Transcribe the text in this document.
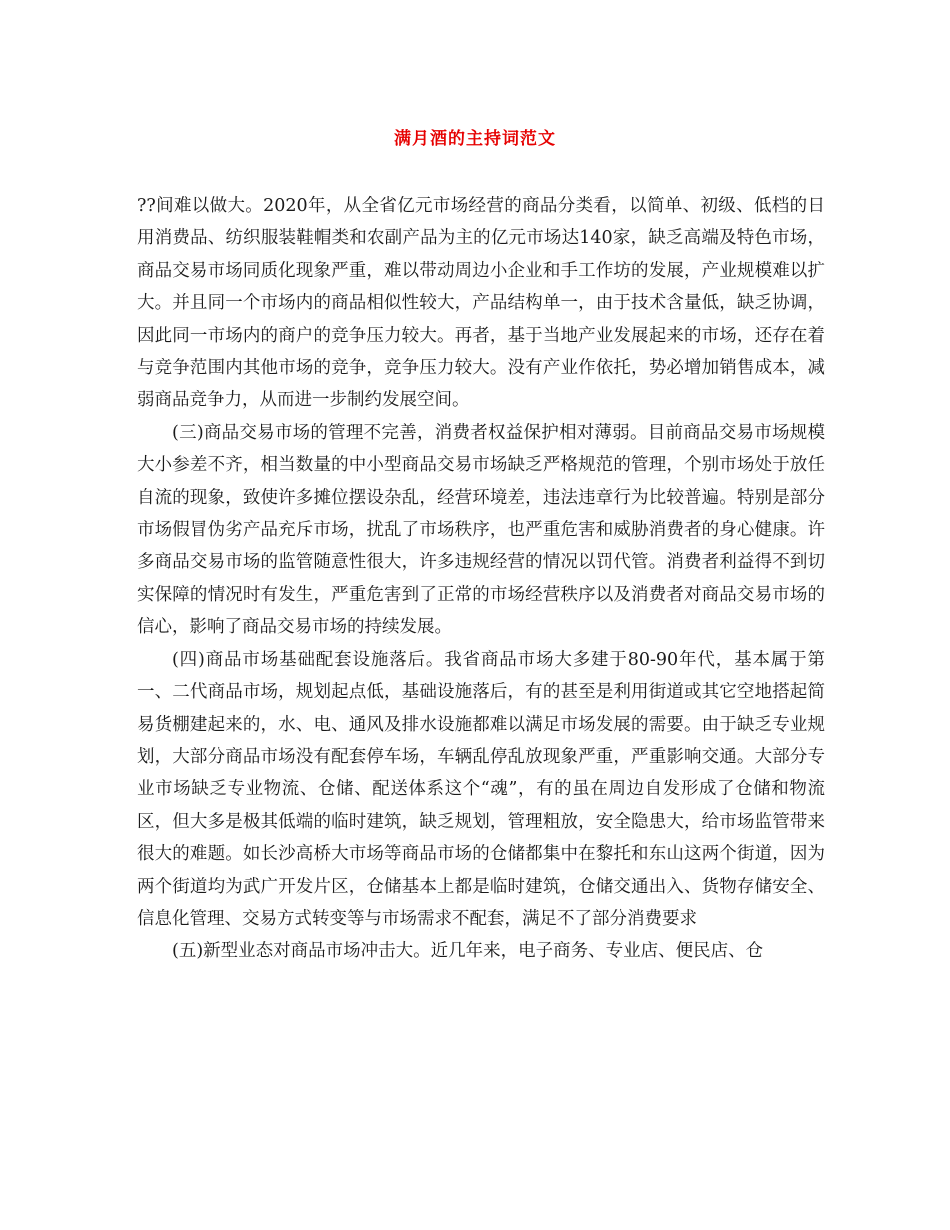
满月酒的主持词范文

??间难以做大。2020年，从全省亿元市场经营的商品分类看，以简单、初级、低档的日用消费品、纺织服装鞋帽类和农副产品为主的亿元市场达140家，缺乏高端及特色市场，商品交易市场同质化现象严重，难以带动周边小企业和手工作坊的发展，产业规模难以扩大。并且同一个市场内的商品相似性较大，产品结构单一，由于技术含量低，缺乏协调，因此同一市场内的商户的竞争压力较大。再者，基于当地产业发展起来的市场，还存在着与竞争范围内其他市场的竞争，竞争压力较大。没有产业作依托，势必增加销售成本，减弱商品竞争力，从而进一步制约发展空间。

(三)商品交易市场的管理不完善，消费者权益保护相对薄弱。目前商品交易市场规模大小参差不齐，相当数量的中小型商品交易市场缺乏严格规范的管理，个别市场处于放任自流的现象，致使许多摊位摆设杂乱，经营环境差，违法违章行为比较普遍。特别是部分市场假冒伪劣产品充斥市场，扰乱了市场秩序，也严重危害和威胁消费者的身心健康。许多商品交易市场的监管随意性很大，许多违规经营的情况以罚代管。消费者利益得不到切实保障的情况时有发生，严重危害到了正常的市场经营秩序以及消费者对商品交易市场的信心，影响了商品交易市场的持续发展。

(四)商品市场基础配套设施落后。我省商品市场大多建于80-90年代，基本属于第一、二代商品市场，规划起点低，基础设施落后，有的甚至是利用街道或其它空地搭起简易货棚建起来的，水、电、通风及排水设施都难以满足市场发展的需要。由于缺乏专业规划，大部分商品市场没有配套停车场，车辆乱停乱放现象严重，严重影响交通。大部分专业市场缺乏专业物流、仓储、配送体系这个“魂”，有的虽在周边自发形成了仓储和物流区，但大多是极其低端的临时建筑，缺乏规划，管理粗放，安全隐患大，给市场监管带来很大的难题。如长沙高桥大市场等商品市场的仓储都集中在黎托和东山这两个街道，因为两个街道均为武广开发片区，仓储基本上都是临时建筑，仓储交通出入、货物存储安全、信息化管理、交易方式转变等与市场需求不配套，满足不了部分消费要求

(五)新型业态对商品市场冲击大。近几年来，电子商务、专业店、便民店、仓
